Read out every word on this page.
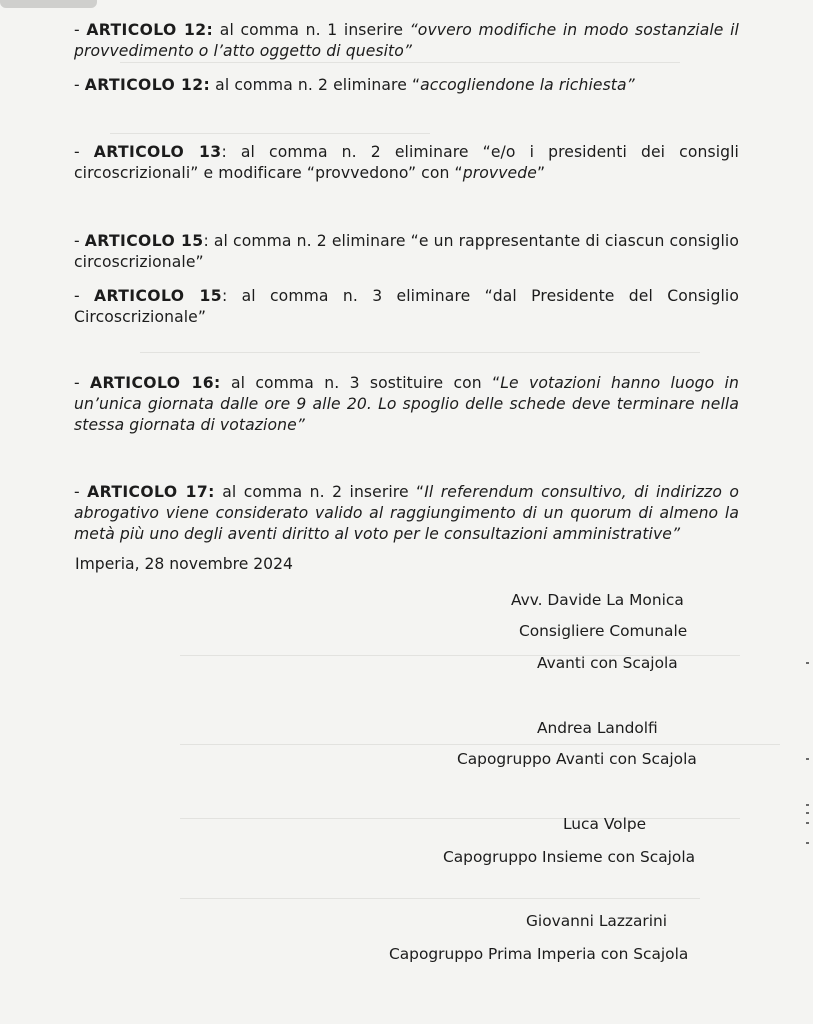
- ARTICOLO 12: al comma n. 1 inserire “ovvero modifiche in modo sostanziale il provvedimento o l’atto oggetto di quesito”
- ARTICOLO 12: al comma n. 2 eliminare “accogliendone la richiesta”
- ARTICOLO 13: al comma n. 2 eliminare “e/o i presidenti dei consigli circoscrizionali” e modificare “provvedono” con “provvede”
- ARTICOLO 15: al comma n. 2 eliminare “e un rappresentante di ciascun consiglio circoscrizionale”
- ARTICOLO 15: al comma n. 3 eliminare “dal Presidente del Consiglio Circoscrizionale”
- ARTICOLO 16: al comma n. 3 sostituire con “Le votazioni hanno luogo in un’unica giornata dalle ore 9 alle 20. Lo spoglio delle schede deve terminare nella stessa giornata di votazione”
- ARTICOLO 17: al comma n. 2 inserire “Il referendum consultivo, di indirizzo o abrogativo viene considerato valido al raggiungimento di un quorum di almeno la metà più uno degli aventi diritto al voto per le consultazioni amministrative”
Imperia, 28 novembre 2024
Avv. Davide La Monica
Consigliere Comunale
Avanti con Scajola
Andrea Landolfi
Capogruppo Avanti con Scajola
Luca Volpe
Capogruppo Insieme con Scajola
Giovanni Lazzarini
Capogruppo Prima Imperia con Scajola
